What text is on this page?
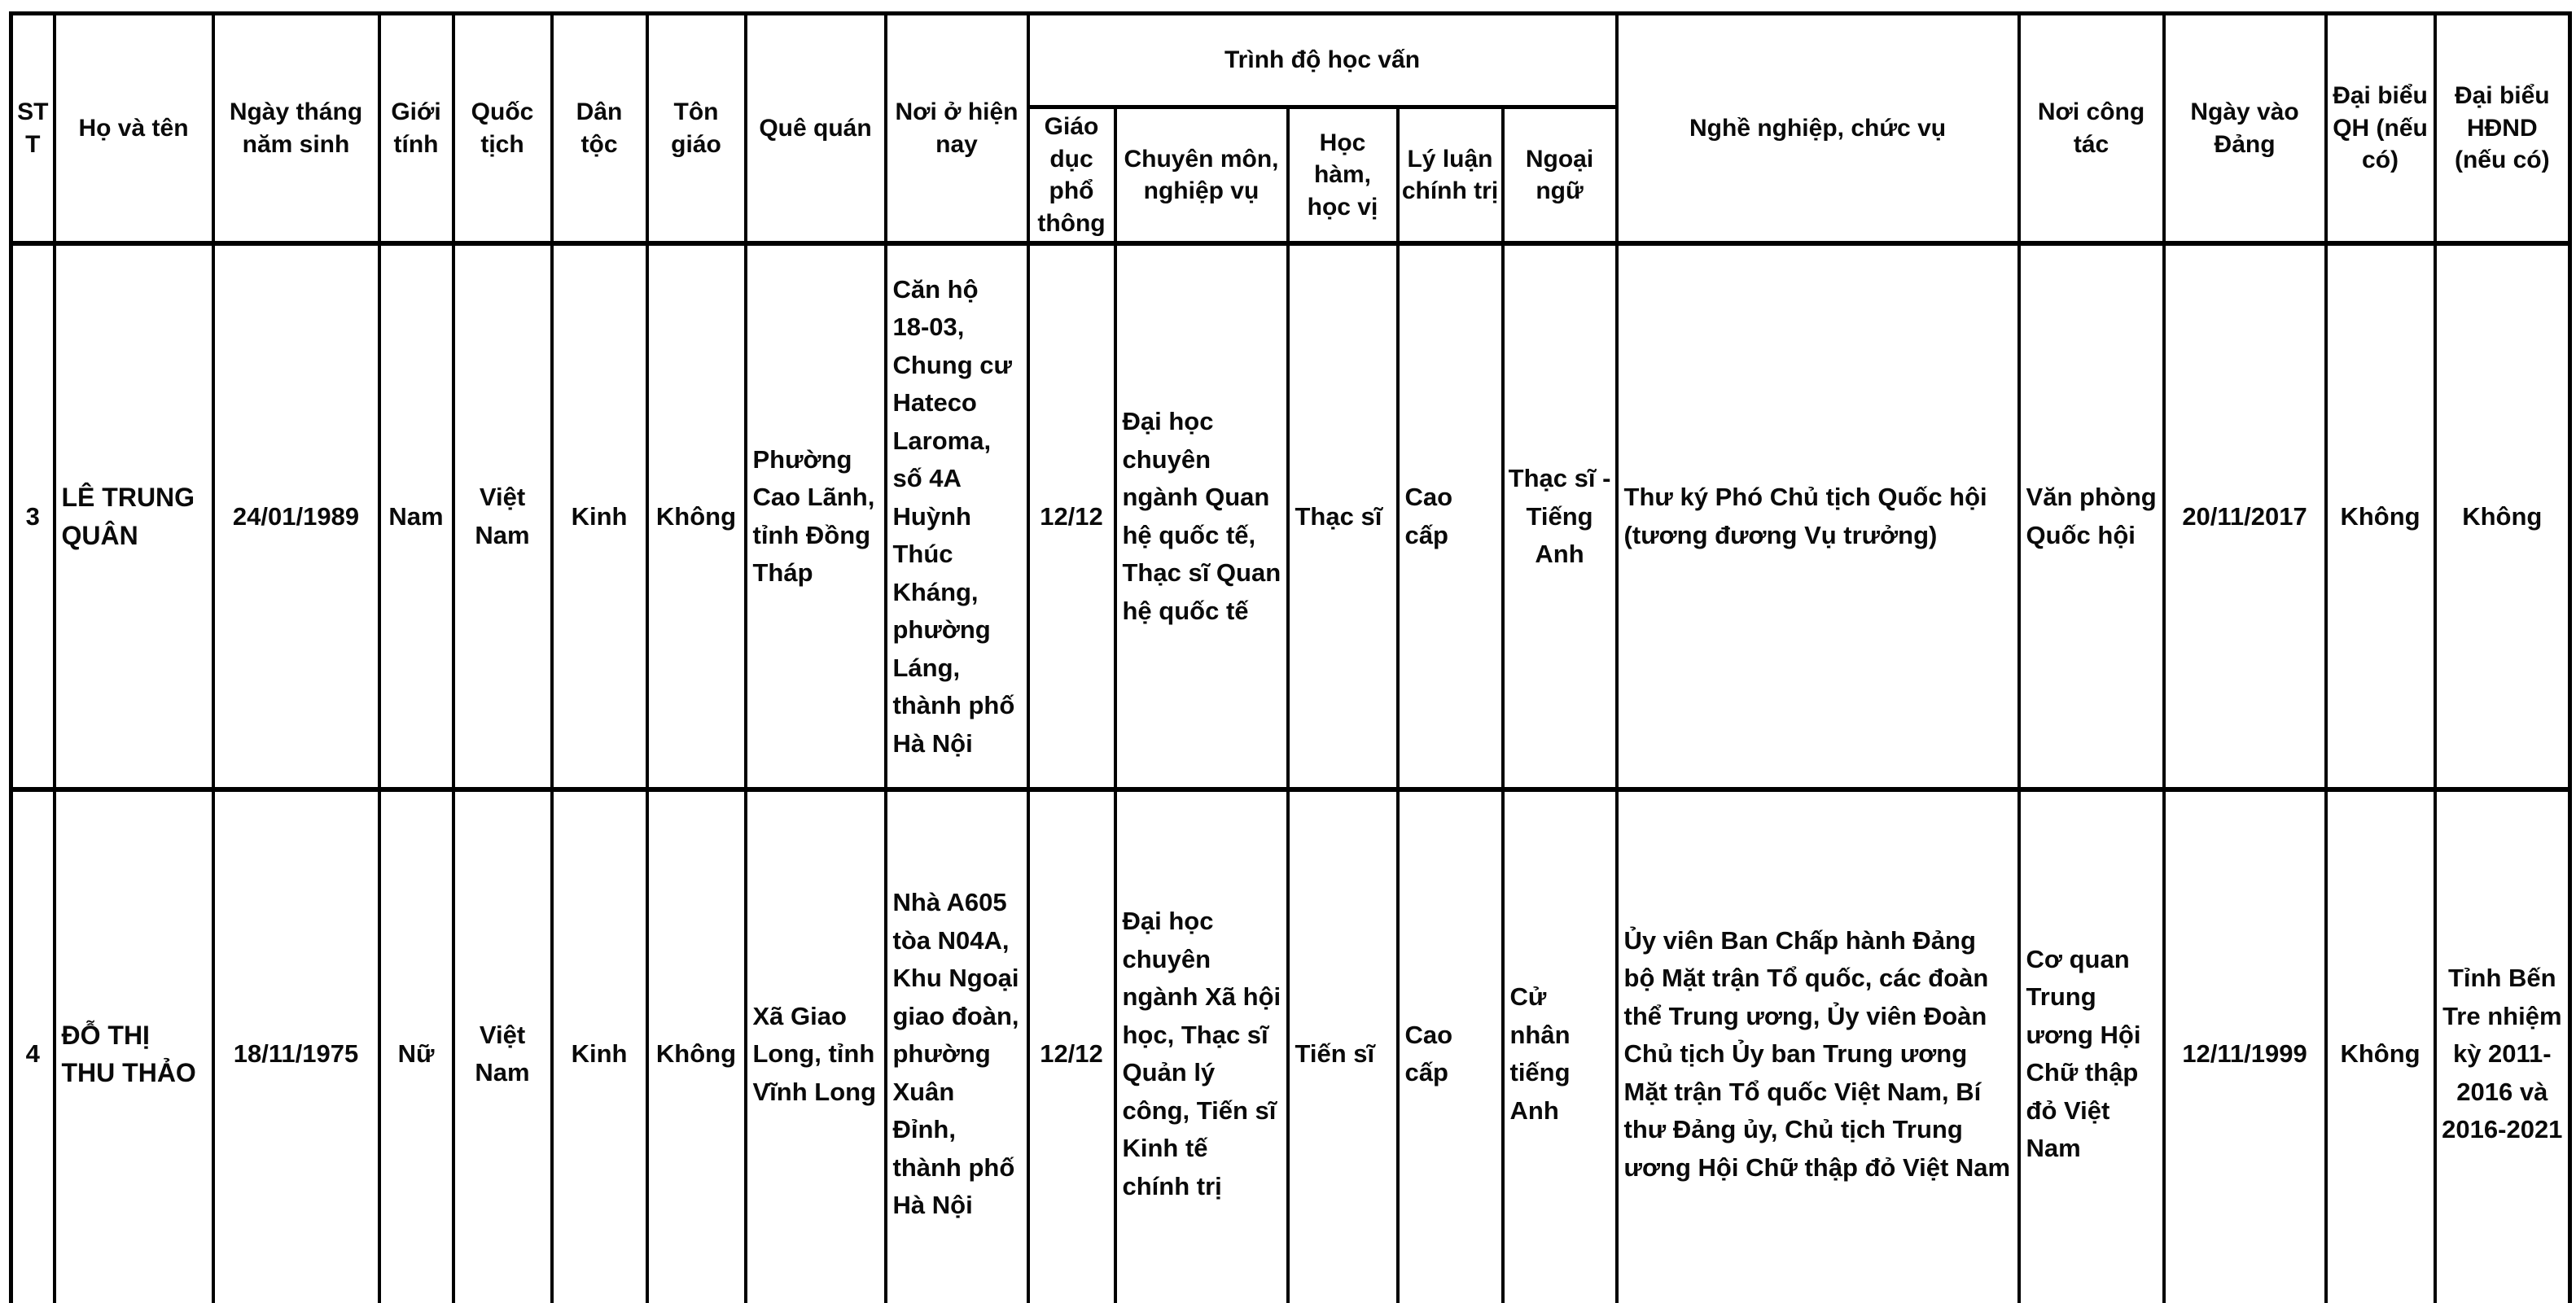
STT	Họ và tên	Ngày tháng năm sinh	Giới tính	Quốc tịch	Dân tộc	Tôn giáo	Quê quán	Nơi ở hiện nay	Trình độ học vấn					Nghề nghiệp, chức vụ	Nơi công tác	Ngày vào Đảng	Đại biểu QH (nếu có)	Đại biểu HĐND (nếu có)
									Giáo dục phổ thông	Chuyên môn, nghiệp vụ	Học hàm, học vị	Lý luận chính trị	Ngoại ngữ					
3	LÊ TRUNG QUÂN	24/01/1989	Nam	Việt Nam	Kinh	Không	Phường Cao Lãnh, tỉnh Đồng Tháp	Căn hộ 18-03, Chung cư Hateco Laroma, số 4A Huỳnh Thúc Kháng, phường Láng, thành phố Hà Nội	12/12	Đại học chuyên ngành Quan hệ quốc tế, Thạc sĩ Quan hệ quốc tế	Thạc sĩ	Cao cấp	Thạc sĩ - Tiếng Anh	Thư ký Phó Chủ tịch Quốc hội (tương đương Vụ trưởng)	Văn phòng Quốc hội	20/11/2017	Không	Không
4	ĐỖ THỊ THU THẢO	18/11/1975	Nữ	Việt Nam	Kinh	Không	Xã Giao Long, tỉnh Vĩnh Long	Nhà A605 tòa N04A, Khu Ngoại giao đoàn, phường Xuân Đỉnh, thành phố Hà Nội	12/12	Đại học chuyên ngành Xã hội học, Thạc sĩ Quản lý công, Tiến sĩ Kinh tế chính trị	Tiến sĩ	Cao cấp	Cử nhân tiếng Anh	Ủy viên Ban Chấp hành Đảng bộ Mặt trận Tổ quốc, các đoàn thể Trung ương, Ủy viên Đoàn Chủ tịch Ủy ban Trung ương Mặt trận Tổ quốc Việt Nam, Bí thư Đảng ủy, Chủ tịch Trung ương Hội Chữ thập đỏ Việt Nam	Cơ quan Trung ương Hội Chữ thập đỏ Việt Nam	12/11/1999	Không	Tỉnh Bến Tre nhiệm kỳ 2011-2016 và 2016-2021
